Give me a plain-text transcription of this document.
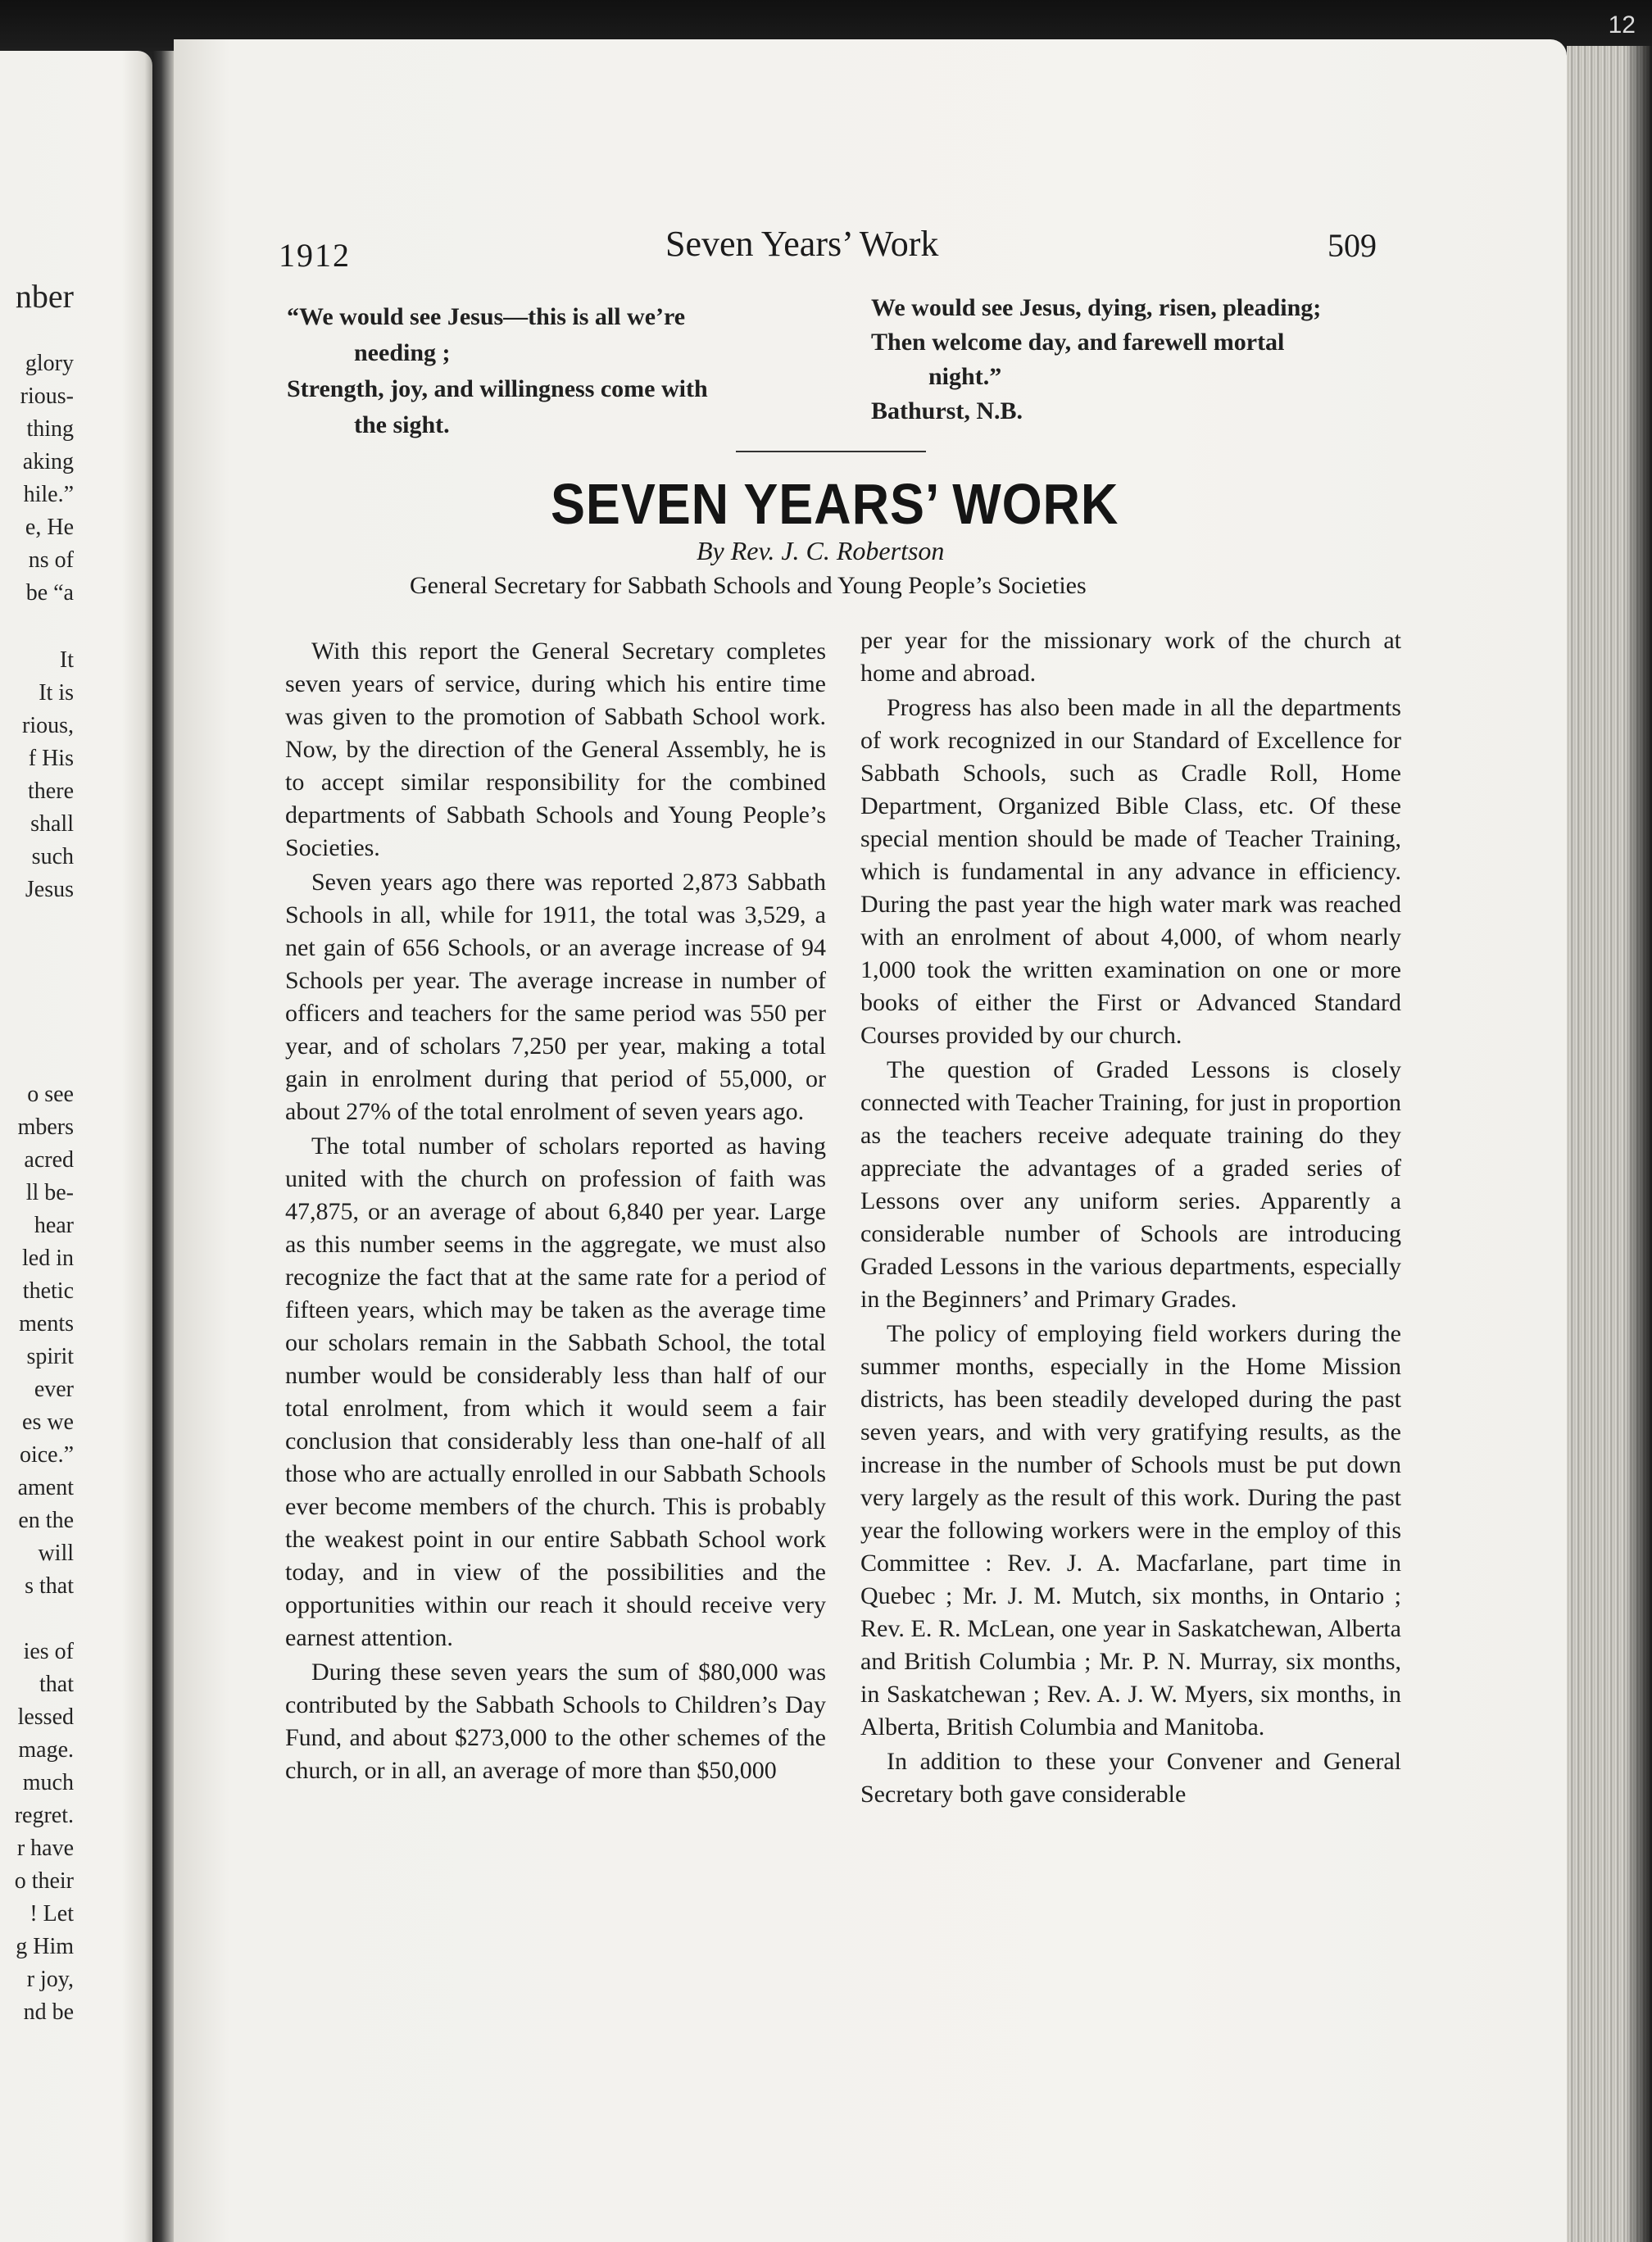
12
nber
glory
rious-
thing
aking
hile.”
e, He
ns of
be “a
It
It is
rious,
f His
there
shall
such
Jesus
o see
mbers
acred
ll be-
hear
led in
thetic
ments
spirit
ever
es we
oice.”
ament
en the
will
s that
ies of
that
lessed
mage.
much
regret.
r have
o their
! Let
g Him
r joy,
nd be
1912	Seven Years’ Work	509
“We would see Jesus—this is all we’re
needing ;
Strength, joy, and willingness come with
the sight.
We would see Jesus, dying, risen, pleading;
Then welcome day, and farewell mortal
night.”
Bathurst, N.B.
SEVEN YEARS’ WORK
By Rev. J. C. Robertson
General Secretary for Sabbath Schools and Young People’s Societies

With this report the General Secretary completes seven years of service, during which his entire time was given to the promotion of Sabbath School work. Now, by the direction of the General Assembly, he is to accept similar responsibility for the combined departments of Sabbath Schools and Young People’s Societies.

Seven years ago there was reported 2,873 Sabbath Schools in all, while for 1911, the total was 3,529, a net gain of 656 Schools, or an average increase of 94 Schools per year. The average increase in number of officers and teachers for the same period was 550 per year, and of scholars 7,250 per year, making a total gain in enrolment during that period of 55,000, or about 27% of the total enrolment of seven years ago.

The total number of scholars reported as having united with the church on profession of faith was 47,875, or an average of about 6,840 per year. Large as this number seems in the aggregate, we must also recognize the fact that at the same rate for a period of fifteen years, which may be taken as the average time our scholars remain in the Sabbath School, the total number would be considerably less than half of our total enrolment, from which it would seem a fair conclusion that considerably less than one-half of all those who are actually enrolled in our Sabbath Schools ever become members of the church. This is probably the weakest point in our entire Sabbath School work today, and in view of the possibilities and the opportunities within our reach it should receive very earnest attention.

During these seven years the sum of $80,000 was contributed by the Sabbath Schools to Children’s Day Fund, and about $273,000 to the other schemes of the church, or in all, an average of more than $50,000

per year for the missionary work of the church at home and abroad.

Progress has also been made in all the departments of work recognized in our Standard of Excellence for Sabbath Schools, such as Cradle Roll, Home Department, Organized Bible Class, etc. Of these special mention should be made of Teacher Training, which is fundamental in any advance in efficiency. During the past year the high water mark was reached with an enrolment of about 4,000, of whom nearly 1,000 took the written examination on one or more books of either the First or Advanced Standard Courses provided by our church.

The question of Graded Lessons is closely connected with Teacher Training, for just in proportion as the teachers receive adequate training do they appreciate the advantages of a graded series of Lessons over any uniform series. Apparently a considerable number of Schools are introducing Graded Lessons in the various departments, especially in the Beginners’ and Primary Grades.

The policy of employing field workers during the summer months, especially in the Home Mission districts, has been steadily developed during the past seven years, and with very gratifying results, as the increase in the number of Schools must be put down very largely as the result of this work. During the past year the following workers were in the employ of this Committee : Rev. J. A. Macfarlane, part time in Quebec ; Mr. J. M. Mutch, six months, in Ontario ; Rev. E. R. McLean, one year in Saskatchewan, Alberta and British Columbia ; Mr. P. N. Murray, six months, in Saskatchewan ; Rev. A. J. W. Myers, six months, in Alberta, British Columbia and Manitoba.

In addition to these your Convener and General Secretary both gave considerable
